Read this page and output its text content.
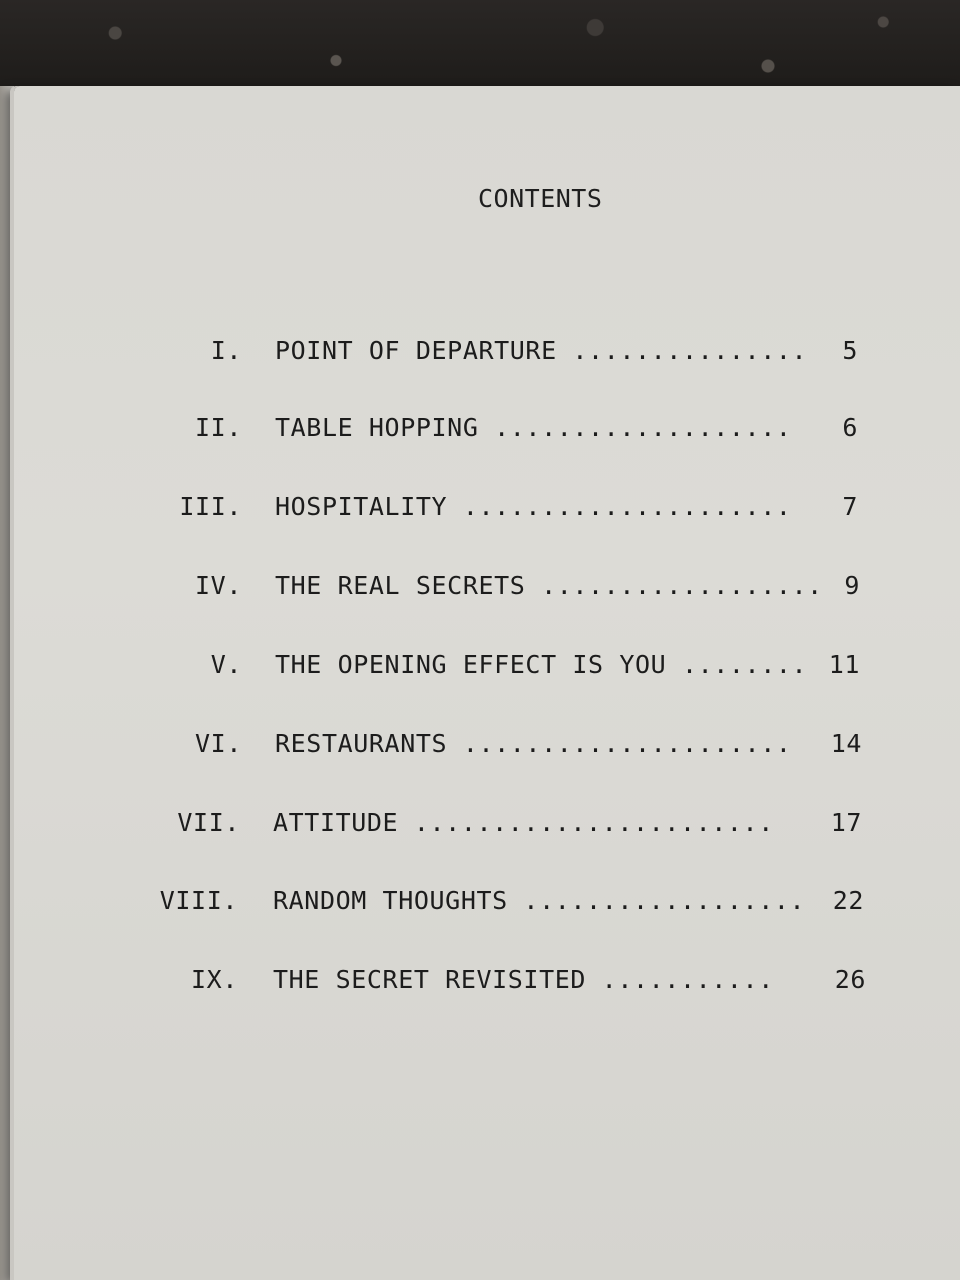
CONTENTS
I. POINT OF DEPARTURE ...............	5
II. TABLE HOPPING ...................	6
III. HOSPITALITY .....................	7
IV. THE REAL SECRETS .................. 9
V. THE OPENING EFFECT IS YOU ........ 11
VI. RESTAURANTS .....................	14
VII. ATTITUDE .......................	17
VIII. RANDOM THOUGHTS ..................	22
IX. THE SECRET REVISITED ...........	26
